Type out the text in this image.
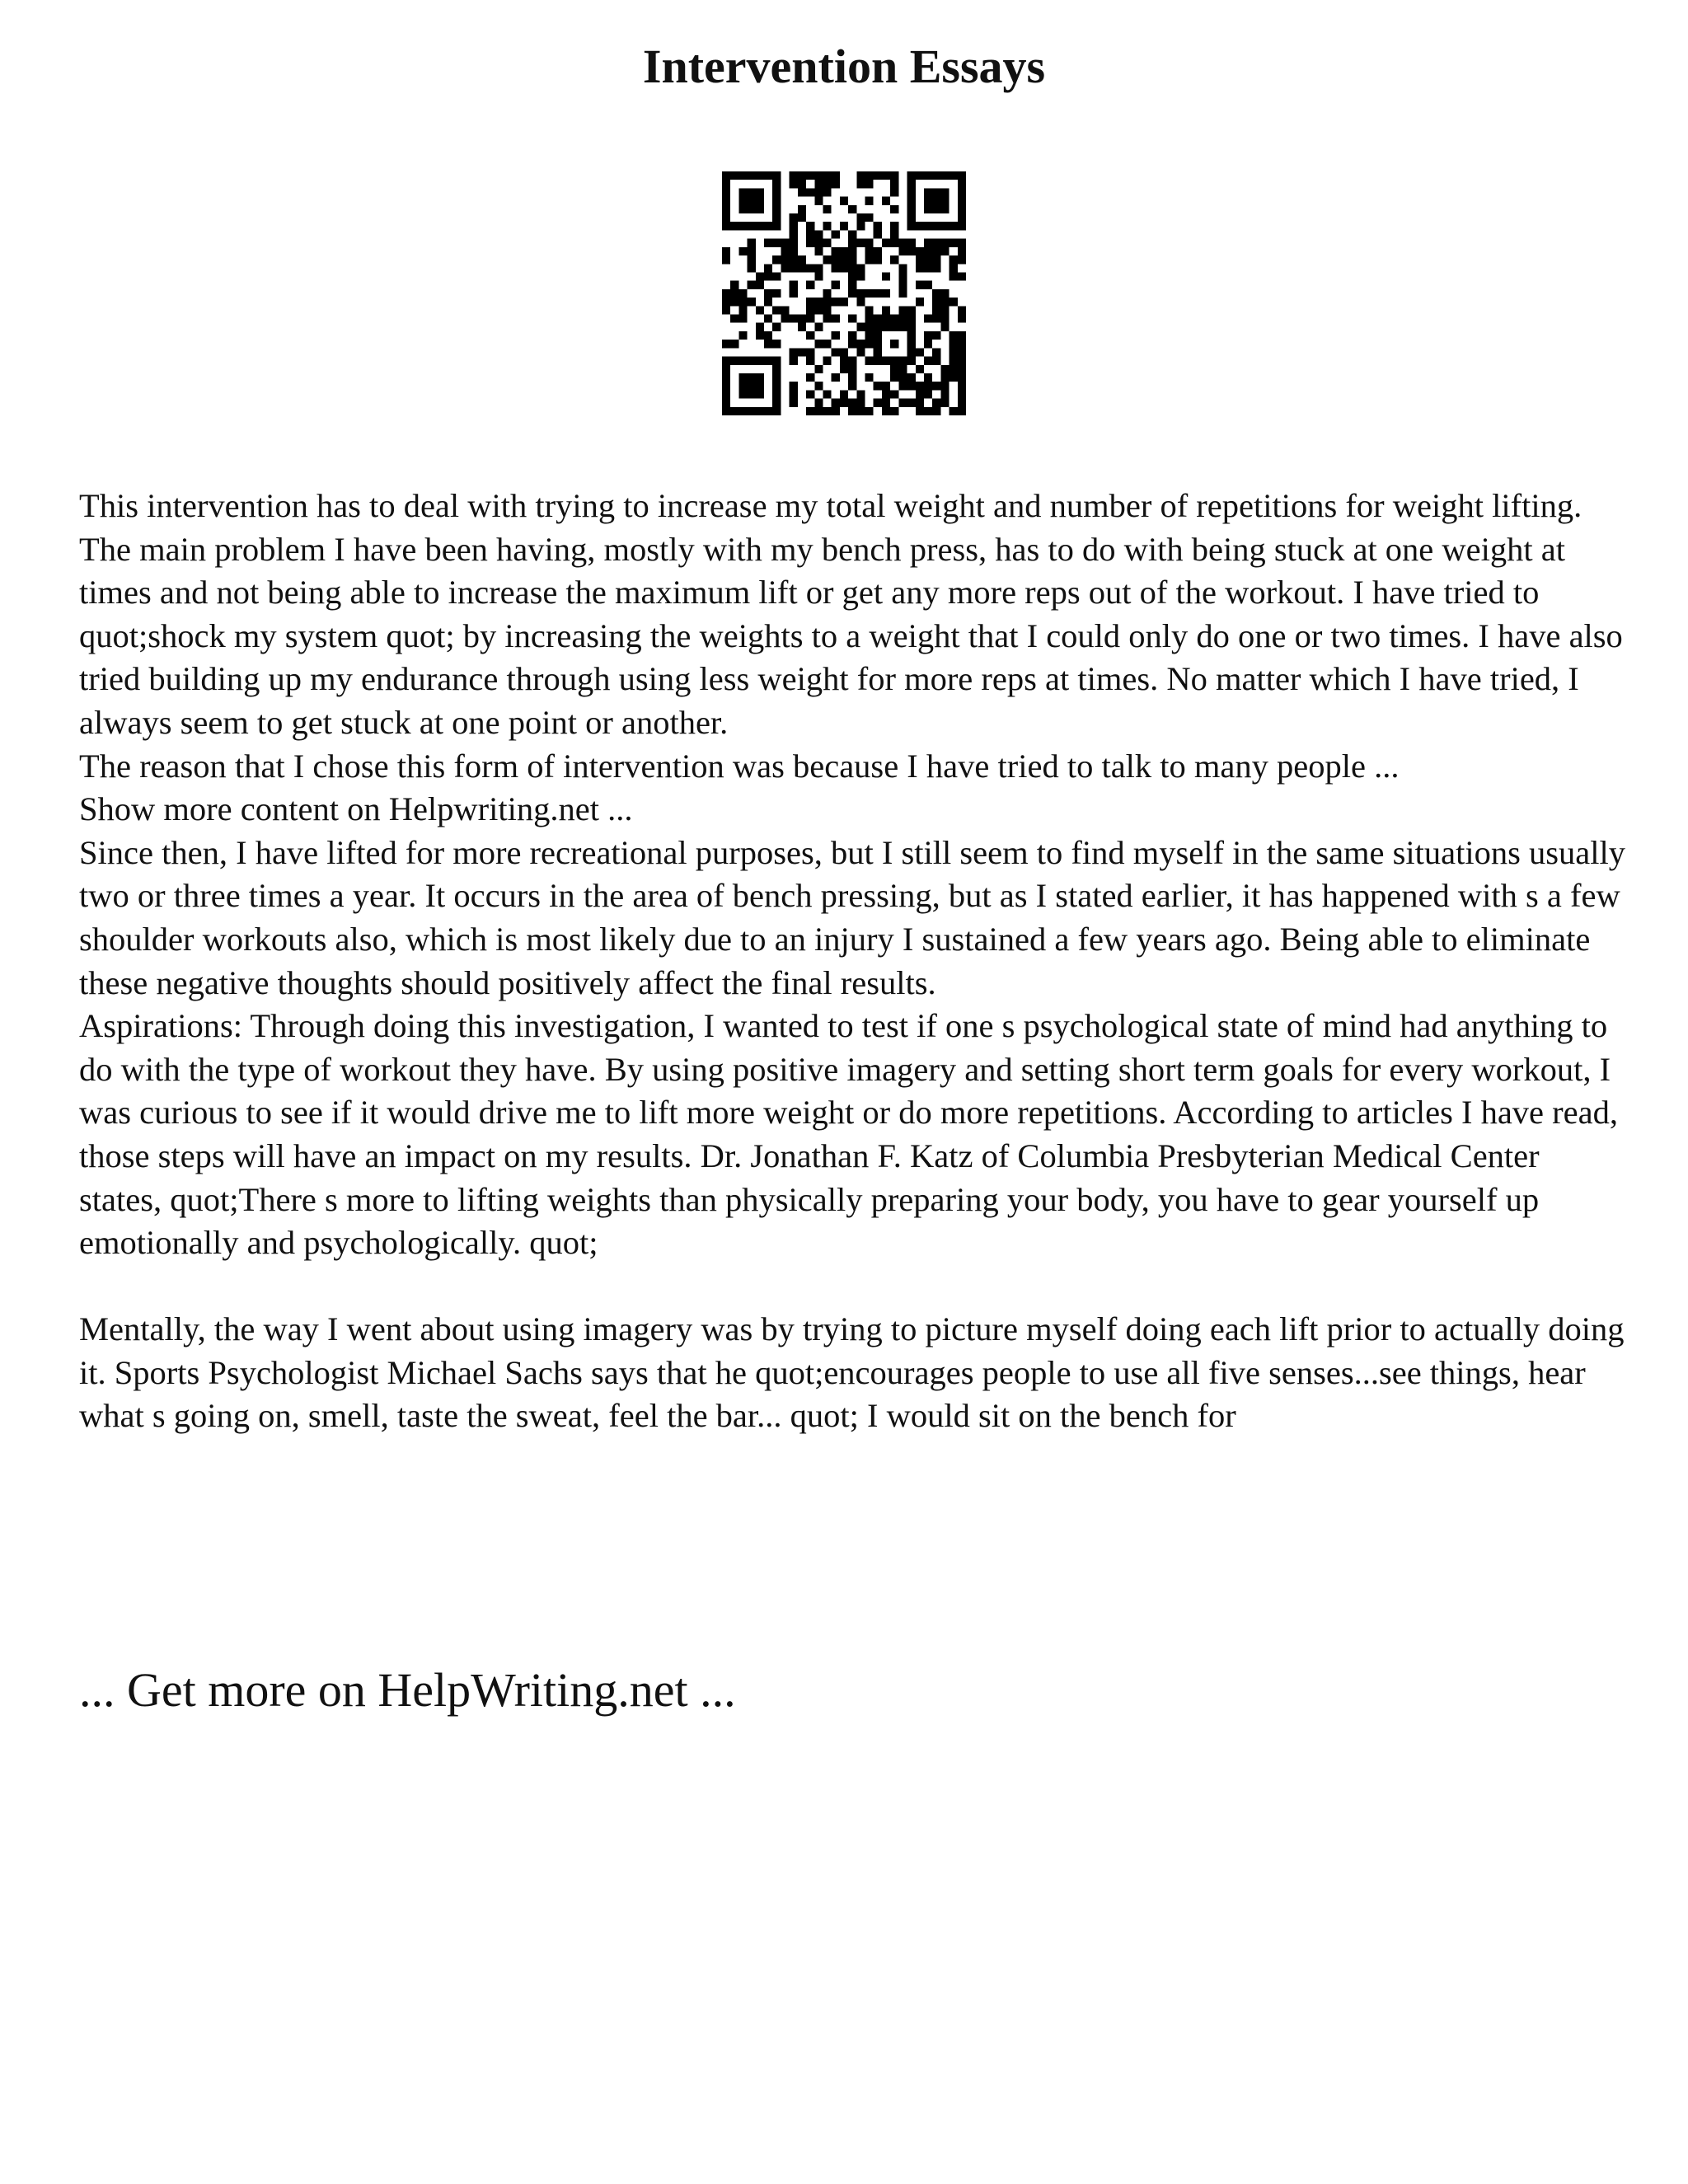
Intervention Essays

This intervention has to deal with trying to increase my total weight and number of repetitions for weight lifting. The main problem I have been having, mostly with my bench press, has to do with being stuck at one weight at times and not being able to increase the maximum lift or get any more reps out of the workout. I have tried to quot;shock my system quot; by increasing the weights to a weight that I could only do one or two times. I have also tried building up my endurance through using less weight for more reps at times. No matter which I have tried, I always seem to get stuck at one point or another.

The reason that I chose this form of intervention was because I have tried to talk to many people ...

Show more content on Helpwriting.net ...

Since then, I have lifted for more recreational purposes, but I still seem to find myself in the same situations usually two or three times a year. It occurs in the area of bench pressing, but as I stated earlier, it has happened with s a few shoulder workouts also, which is most likely due to an injury I sustained a few years ago. Being able to eliminate these negative thoughts should positively affect the final results.

Aspirations: Through doing this investigation, I wanted to test if one s psychological state of mind had anything to do with the type of workout they have. By using positive imagery and setting short term goals for every workout, I was curious to see if it would drive me to lift more weight or do more repetitions. According to articles I have read, those steps will have an impact on my results. Dr. Jonathan F. Katz of Columbia Presbyterian Medical Center states, quot;There s more to lifting weights than physically preparing your body, you have to gear yourself up emotionally and psychologically. quot;

Mentally, the way I went about using imagery was by trying to picture myself doing each lift prior to actually doing it. Sports Psychologist Michael Sachs says that he quot;encourages people to use all five senses...see things, hear what s going on, smell, taste the sweat, feel the bar... quot; I would sit on the bench for

... Get more on HelpWriting.net ...
